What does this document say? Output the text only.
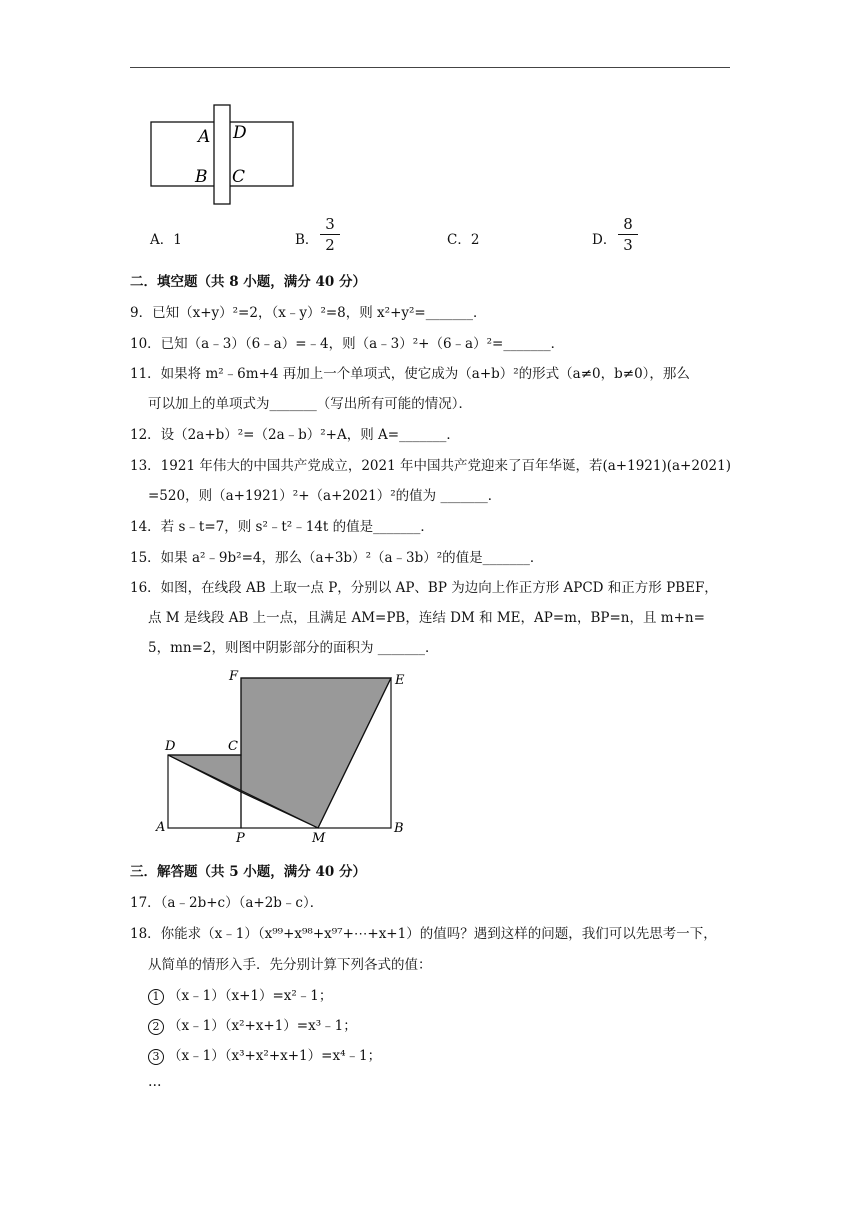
A D
B C
A．1	B．
3
2	C．2	D．
8
3
二．填空题（共 8 小题，满分 40 分）
9．已知（x+y）²=2，（x﹣y）²=8，则 x²+y²=_______．
10．已知（a﹣3）（6﹣a）=﹣4，则（a﹣3）²+（6﹣a）²=_______．
11．如果将 m²﹣6m+4 再加上一个单项式，使它成为（a+b）²的形式（a≠0，b≠0），那么
可以加上的单项式为_______（写出所有可能的情况）．
12．设（2a+b）²=（2a﹣b）²+A，则 A=_______．
13．1921 年伟大的中国共产党成立，2021 年中国共产党迎来了百年华诞，若(a+1921)(a+2021)
=520，则（a+1921）²+（a+2021）²的值为 _______．
14．若 s﹣t=7，则 s²﹣t²﹣14t 的值是_______．
15．如果 a²﹣9b²=4，那么（a+3b）²（a﹣3b）²的值是_______．
16．如图，在线段 AB 上取一点 P，分别以 AP、BP 为边向上作正方形 APCD 和正方形 PBEF，
点 M 是线段 AB 上一点，且满足 AM=PB，连结 DM 和 ME，AP=m，BP=n，且 m+n=
5，mn=2，则图中阴影部分的面积为 _______．
F	E
D	C
A
P	M
B
三．解答题（共 5 小题，满分 40 分）
17．（a﹣2b+c）（a+2b﹣c）．
18．你能求（x﹣1）（x⁹⁹+x⁹⁸+x⁹⁷+⋯+x+1）的值吗？遇到这样的问题，我们可以先思考一下，
从简单的情形入手．先分别计算下列各式的值：
1 （x﹣1）（x+1）=x²﹣1；
2 （x﹣1）（x²+x+1）=x³﹣1；
3 （x﹣1）（x³+x²+x+1）=x⁴﹣1；
…
